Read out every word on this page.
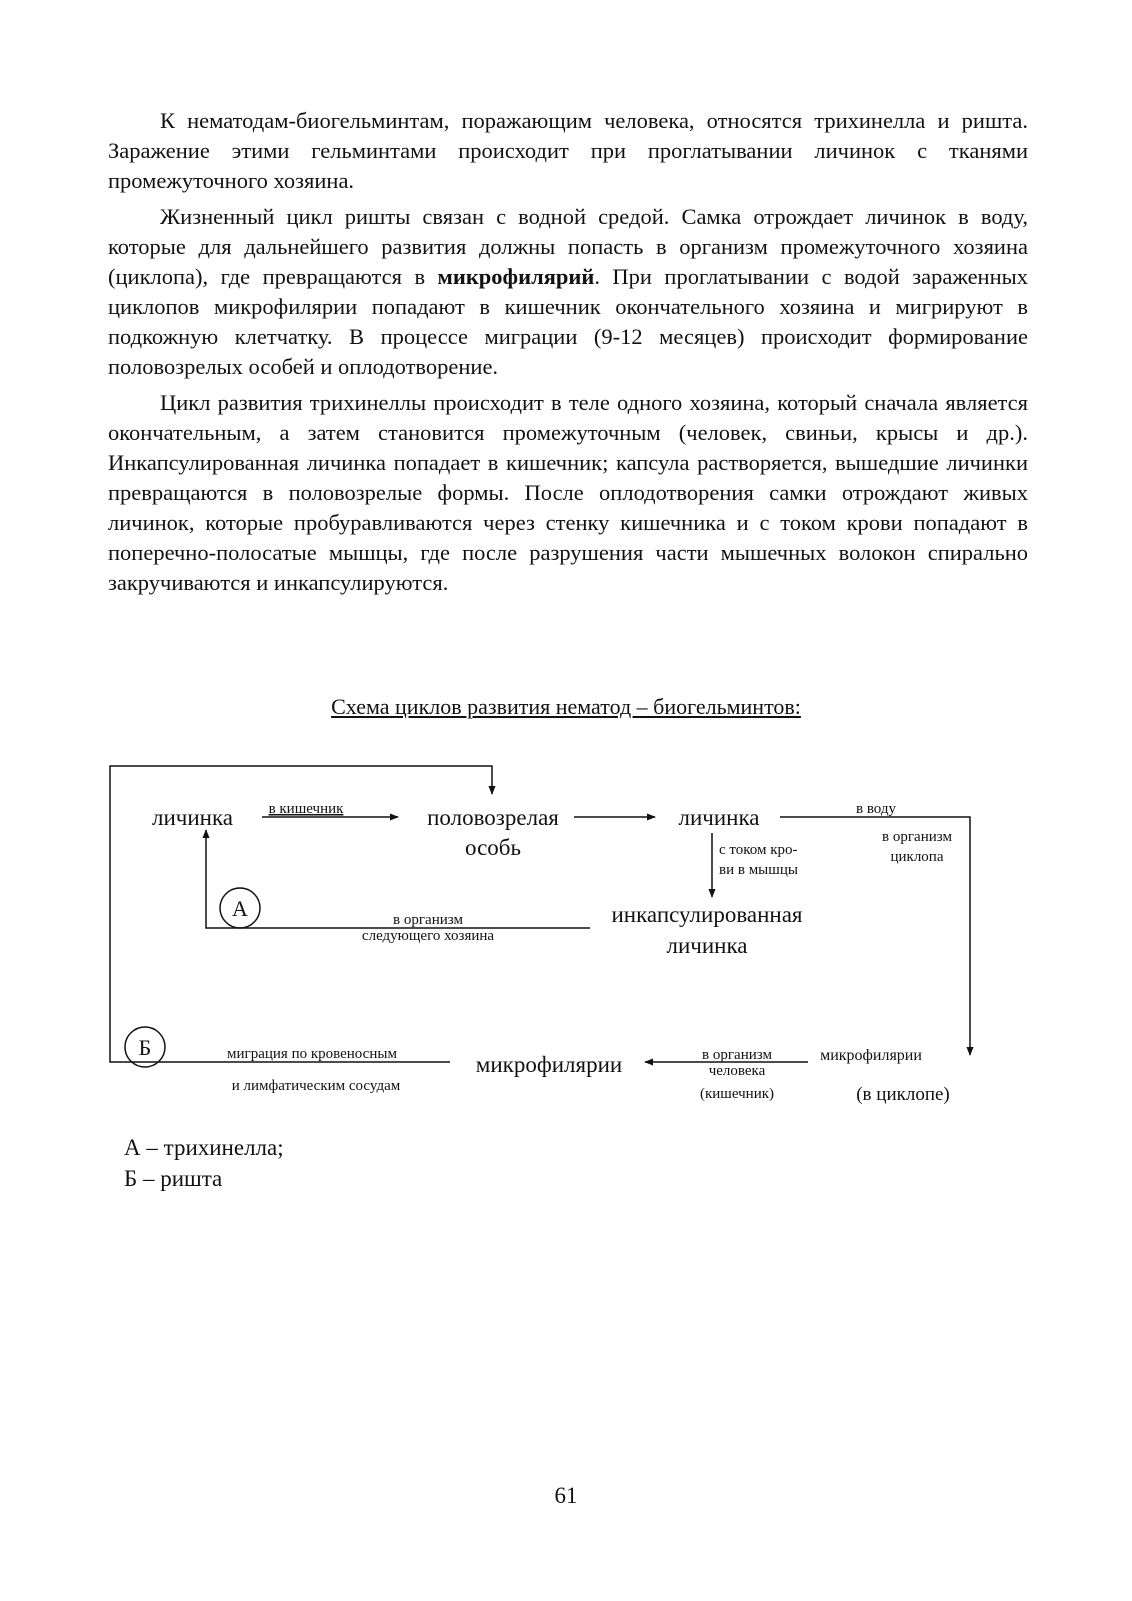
К нематодам-биогельминтам, поражающим человека, относятся трихинелла и ришта. Заражение этими гельминтами происходит при проглатывании личинок с тканями промежуточного хозяина.

Жизненный цикл ришты связан с водной средой. Самка отрождает личинок в воду, которые для дальнейшего развития должны попасть в организм промежуточного хозяина (циклопа), где превращаются в микрофилярий. При проглатывании с водой зараженных циклопов микрофилярии попадают в кишечник окончательного хозяина и мигрируют в подкожную клетчатку. В процессе миграции (9-12 месяцев) происходит формирование половозрелых особей и оплодотворение.

Цикл развития трихинеллы происходит в теле одного хозяина, который сначала является окончательным, а затем становится промежуточным (человек, свиньи, крысы и др.). Инкапсулированная личинка попадает в кишечник; капсула растворяется, вышедшие личинки превращаются в половозрелые формы. После оплодотворения самки отрождают живых личинок, которые пробуравливаются через стенку кишечника и с током крови попадают в поперечно-полосатые мышцы, где после разрушения части мышечных волокон спирально закручиваются и инкапсулируются.

Схема циклов развития нематод – биогельминтов:
А
Б
личинка	половозрелая
особь
личинка
инкапсулированная
личинка
микрофилярии	микрофилярии
(в циклопе)
в кишечник	в воду
в организм
циклопа
с током кро-
ви в мышцы
в организм
следующего хозяина
миграция по кровеносным
и лимфатическим сосудам
в организм
человека
(кишечник)
А – трихинелла;
Б – ришта
61
